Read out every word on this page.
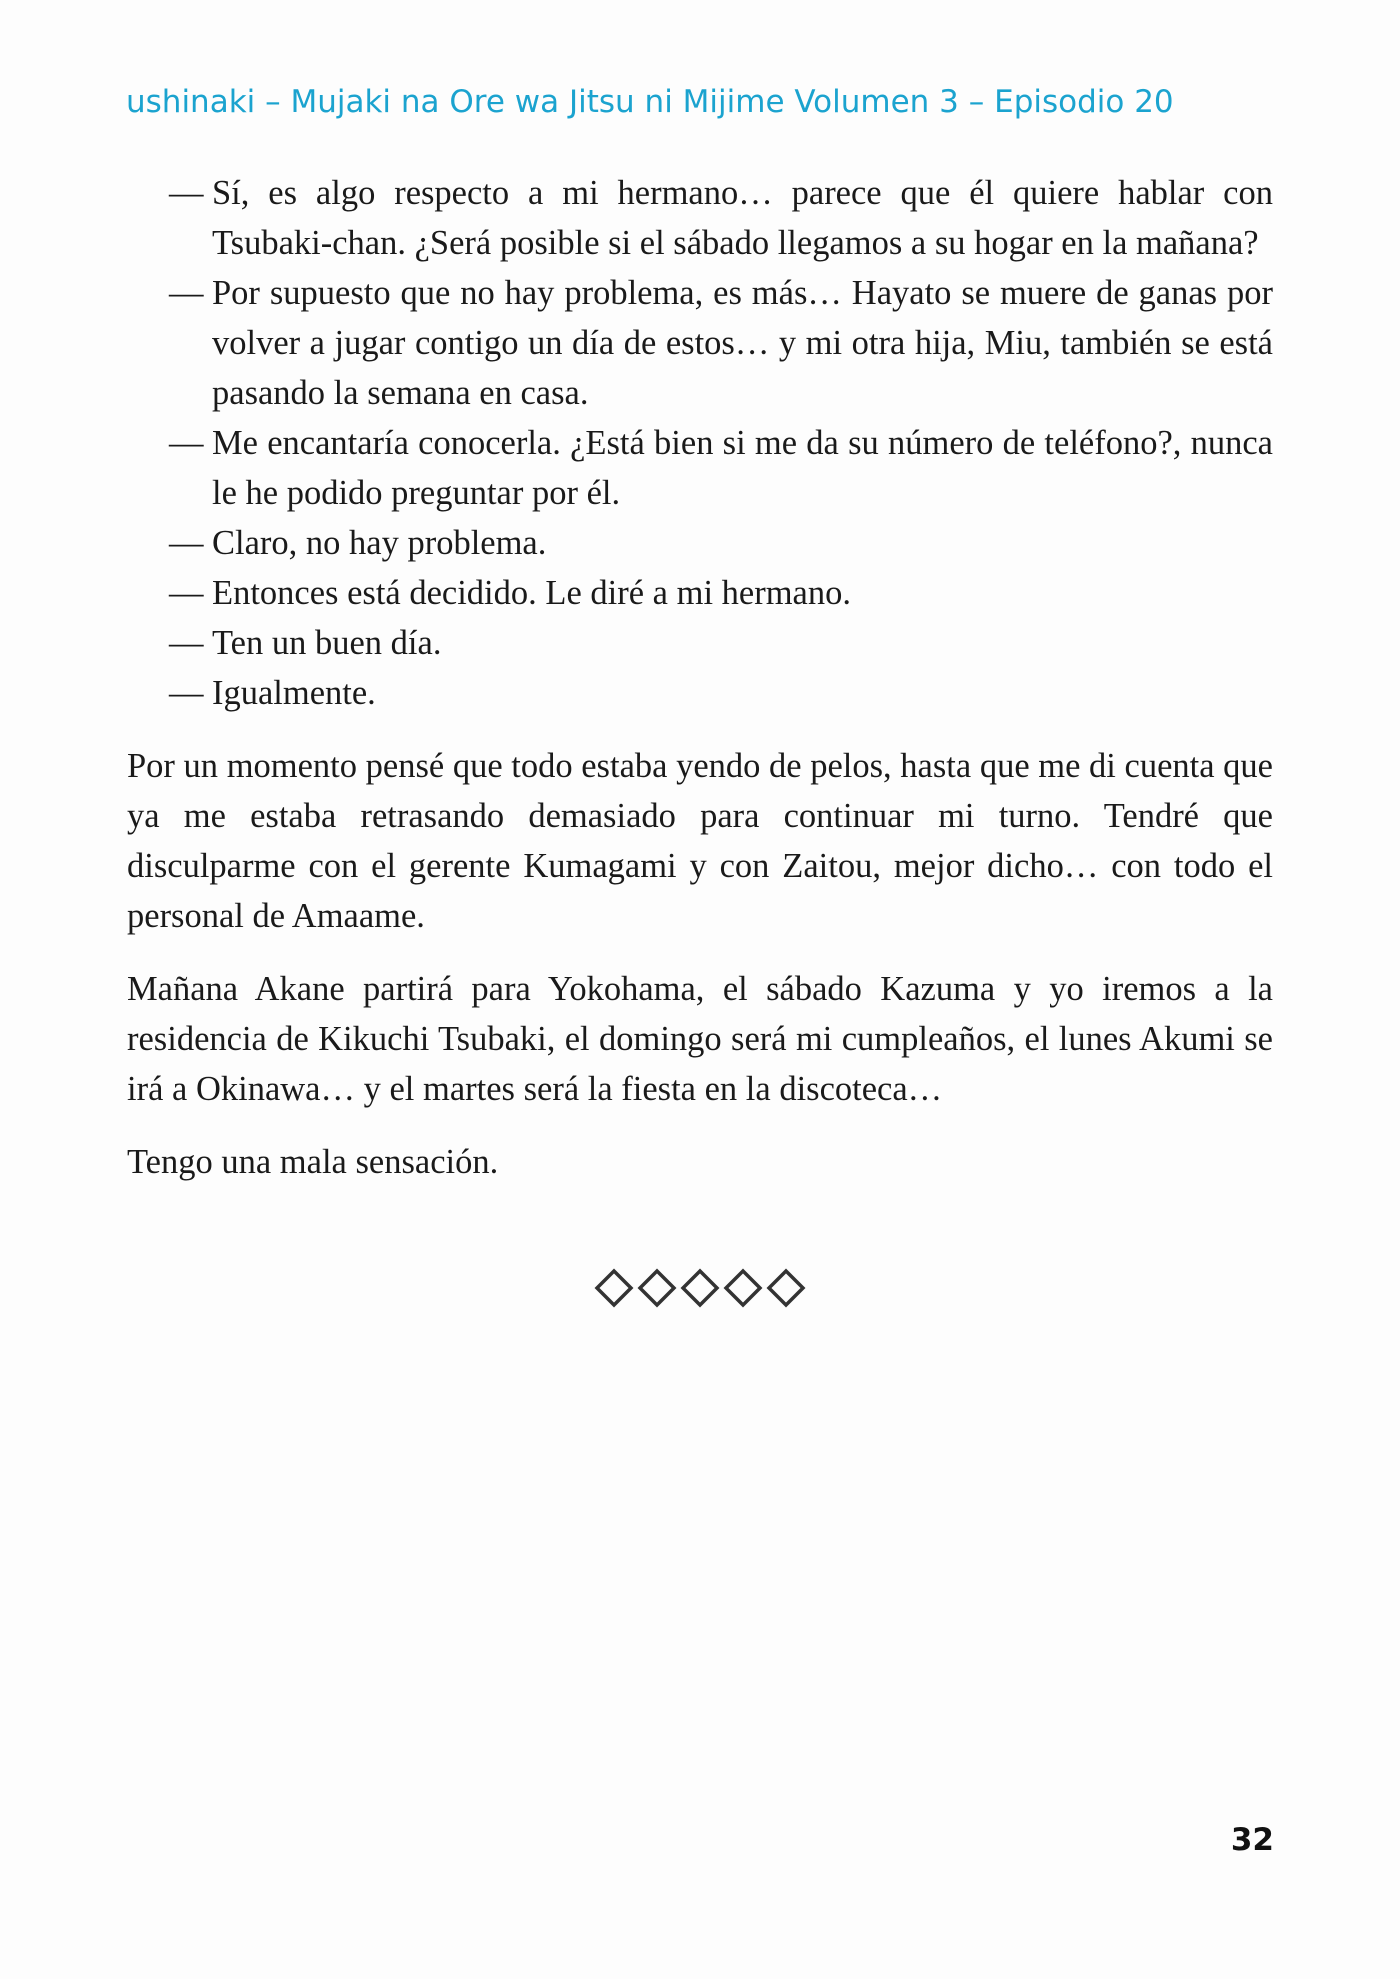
ushinaki – Mujaki na Ore wa Jitsu ni Mijime Volumen 3 – Episodio 20
— Sí, es algo respecto a mi hermano… parece que él quiere hablar con Tsubaki-chan. ¿Será posible si el sábado llegamos a su hogar en la mañana?
— Por supuesto que no hay problema, es más… Hayato se muere de ganas por volver a jugar contigo un día de estos… y mi otra hija, Miu, también se está pasando la semana en casa.
— Me encantaría conocerla. ¿Está bien si me da su número de teléfono?, nunca le he podido preguntar por él.
— Claro, no hay problema.
— Entonces está decidido. Le diré a mi hermano.
— Ten un buen día.
— Igualmente.

Por un momento pensé que todo estaba yendo de pelos, hasta que me di cuenta que ya me estaba retrasando demasiado para continuar mi turno. Tendré que disculparme con el gerente Kumagami y con Zaitou, mejor dicho… con todo el personal de Amaame.

Mañana Akane partirá para Yokohama, el sábado Kazuma y yo iremos a la residencia de Kikuchi Tsubaki, el domingo será mi cumpleaños, el lunes Akumi se irá a Okinawa… y el martes será la fiesta en la discoteca…

Tengo una mala sensación.

32
